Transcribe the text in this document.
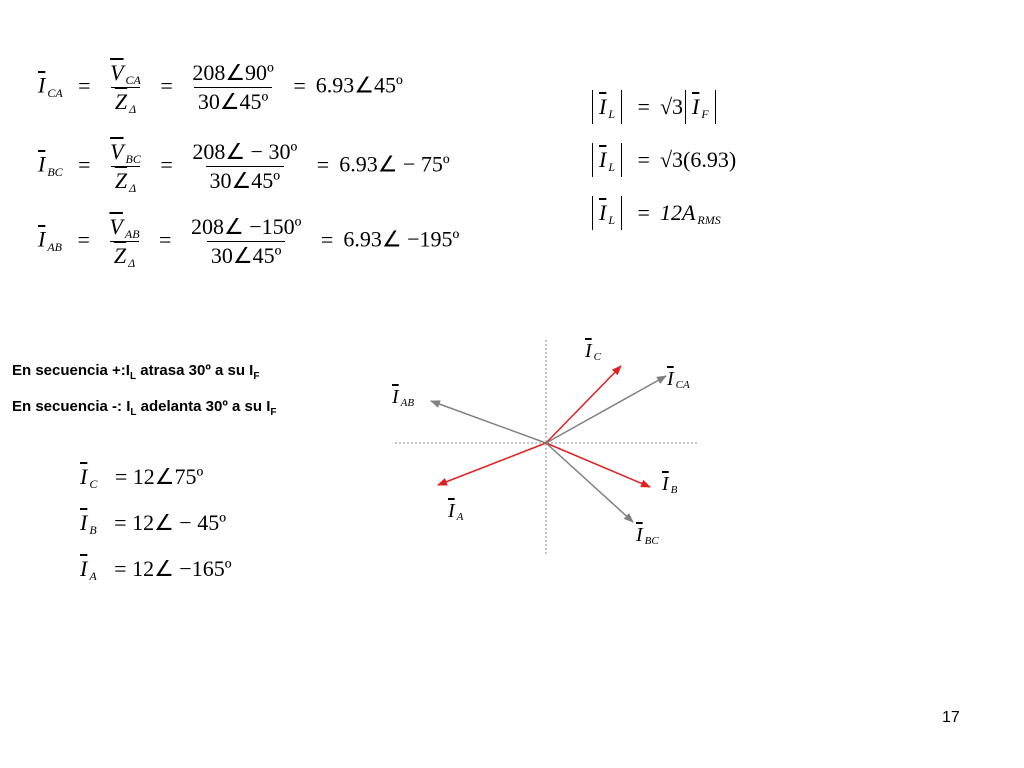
$\overline{I}$ CA = $\frac{\overline{V} CA}{\overline{Z} \Delta} = \frac{\text{208∠90º}}{\text{30∠45º}}$ = 6.93∠45º
$\overline{I}$ BC = $\frac{\overline{V} BC}{\overline{Z} \Delta} = \frac{\text{208∠ − 30º}}{\text{30∠45º}}$ = 6.93∠ − 75º
$\overline{I}$ AB = $\frac{\overline{V} AB}{\overline{Z} \Delta} = \frac{\text{208∠ −150º}}{\text{30∠45º}}$ = 6.93∠ −195º
$\overline{I}$ L = √3 $\overline{I}$ F
$\overline{I}$ L = √3(6.93)
$\overline{I}$ L = 12A RMS
En secuencia $+:I_L$ atrasa 30º a su $I_F$
En secuencia -: $I_L$ adelanta 30º a su $I_F$
$\overline{I}$ C = 12∠75º
$\overline{I}$ B = 12∠ − 45º
$\overline{I}$ A = 12∠ −165º
$\overline{I}$ C
$\overline{I}$ CA
$\overline{I}$ AB
$\overline{I}$ B
$\overline{I}$ A
$\overline{I}$ BC
17
